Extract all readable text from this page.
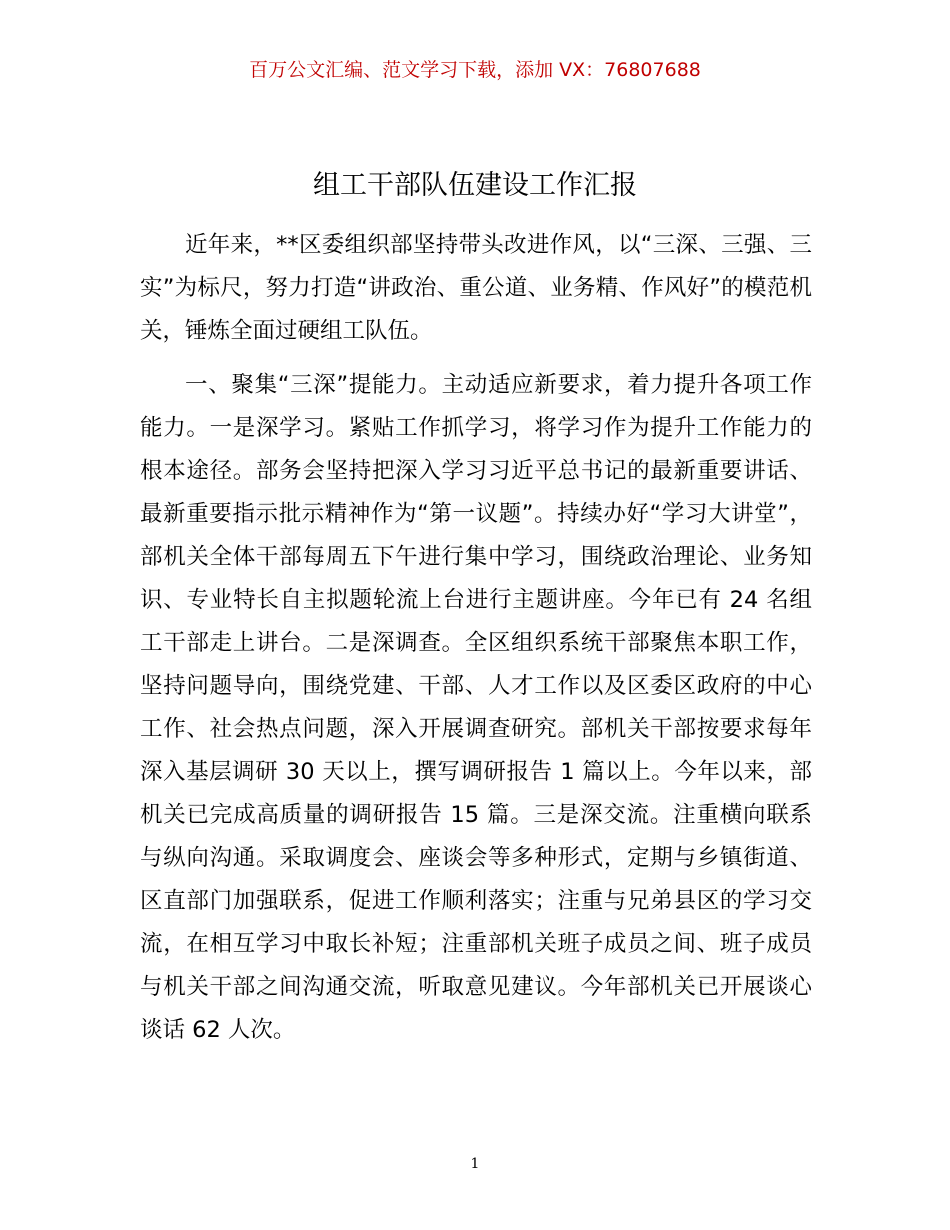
百万公文汇编、范文学习下载，添加 VX：76807688
组工干部队伍建设工作汇报

近年来，**区委组织部坚持带头改进作风，以“三深、三强、三实”为标尺，努力打造“讲政治、重公道、业务精、作风好”的模范机关，锤炼全面过硬组工队伍。

一、聚集“三深”提能力。主动适应新要求，着力提升各项工作能力。一是深学习。紧贴工作抓学习，将学习作为提升工作能力的根本途径。部务会坚持把深入学习习近平总书记的最新重要讲话、最新重要指示批示精神作为“第一议题”。持续办好“学习大讲堂”，部机关全体干部每周五下午进行集中学习，围绕政治理论、业务知识、专业特长自主拟题轮流上台进行主题讲座。今年已有 24 名组工干部走上讲台。二是深调查。全区组织系统干部聚焦本职工作，坚持问题导向，围绕党建、干部、人才工作以及区委区政府的中心工作、社会热点问题，深入开展调查研究。部机关干部按要求每年深入基层调研 30 天以上，撰写调研报告 1 篇以上。今年以来，部机关已完成高质量的调研报告 15 篇。三是深交流。注重横向联系与纵向沟通。采取调度会、座谈会等多种形式，定期与乡镇街道、区直部门加强联系，促进工作顺利落实；注重与兄弟县区的学习交流，在相互学习中取长补短；注重部机关班子成员之间、班子成员与机关干部之间沟通交流，听取意见建议。今年部机关已开展谈心谈话 62 人次。

1
